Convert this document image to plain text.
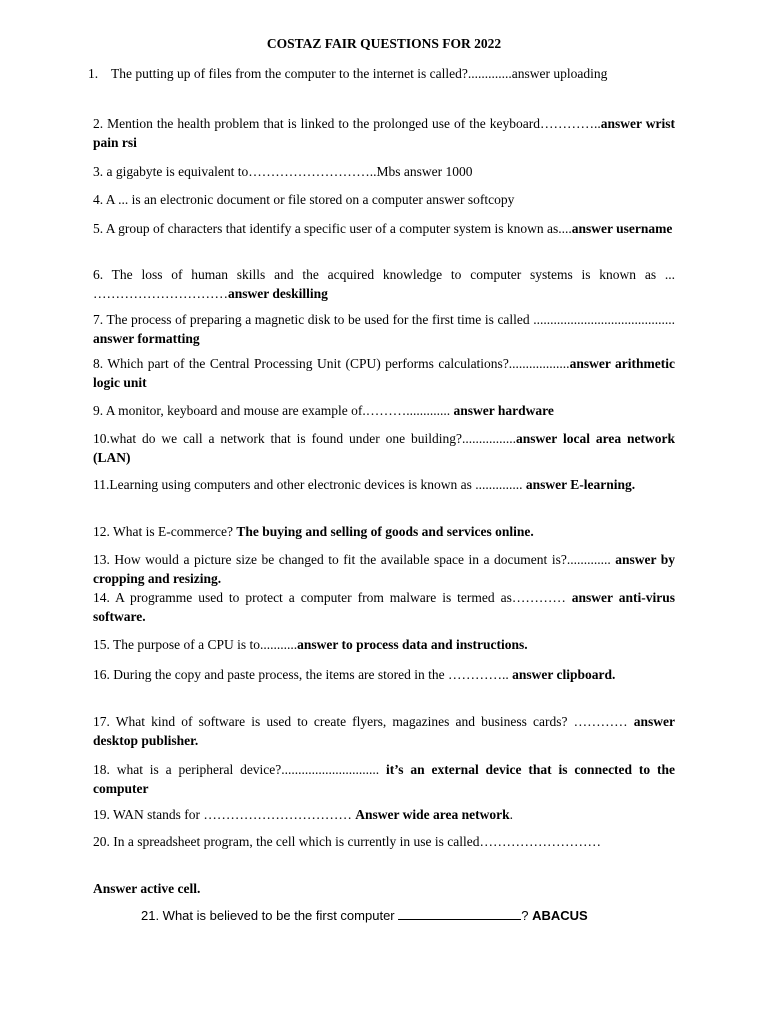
COSTAZ FAIR QUESTIONS FOR 2022
1. The putting up of files from the computer to the internet is called?.............answer uploading
2. Mention the health problem that is linked to the prolonged use of the keyboard…………..answer wrist pain rsi
3. a gigabyte is equivalent to………………………..Mbs answer 1000
4. A ... is an electronic document or file stored on a computer answer softcopy
5. A group of characters that identify a specific user of a computer system is known as....answer username
6. The loss of human skills and the acquired knowledge to computer systems is known as ... …………………………answer deskilling
7. The process of preparing a magnetic disk to be used for the first time is called .......................................... answer formatting
8. Which part of the Central Processing Unit (CPU) performs calculations?..................answer arithmetic logic unit
9. A monitor, keyboard and mouse are example of.………............. answer hardware
10.what do we call a network that is found under one building?................answer local area network (LAN)
11.Learning using computers and other electronic devices is known as .............. answer E-learning.
12. What is E-commerce? The buying and selling of goods and services online.
13. How would a picture size be changed to fit the available space in a document is?............. answer by cropping and resizing.
14. A programme used to protect a computer from malware is termed as………… answer anti-virus software.
15. The purpose of a CPU is to...........answer to process data and instructions.
16. During the copy and paste process, the items are stored in the ………….. answer clipboard.
17. What kind of software is used to create flyers, magazines and business cards? ………… answer desktop publisher.
18. what is a peripheral device?............................. it’s an external device that is connected to the computer
19. WAN stands for …………………………… Answer wide area network.
20. In a spreadsheet program, the cell which is currently in use is called………………………
Answer active cell.
21. What is believed to be the first computer	? ABACUS
